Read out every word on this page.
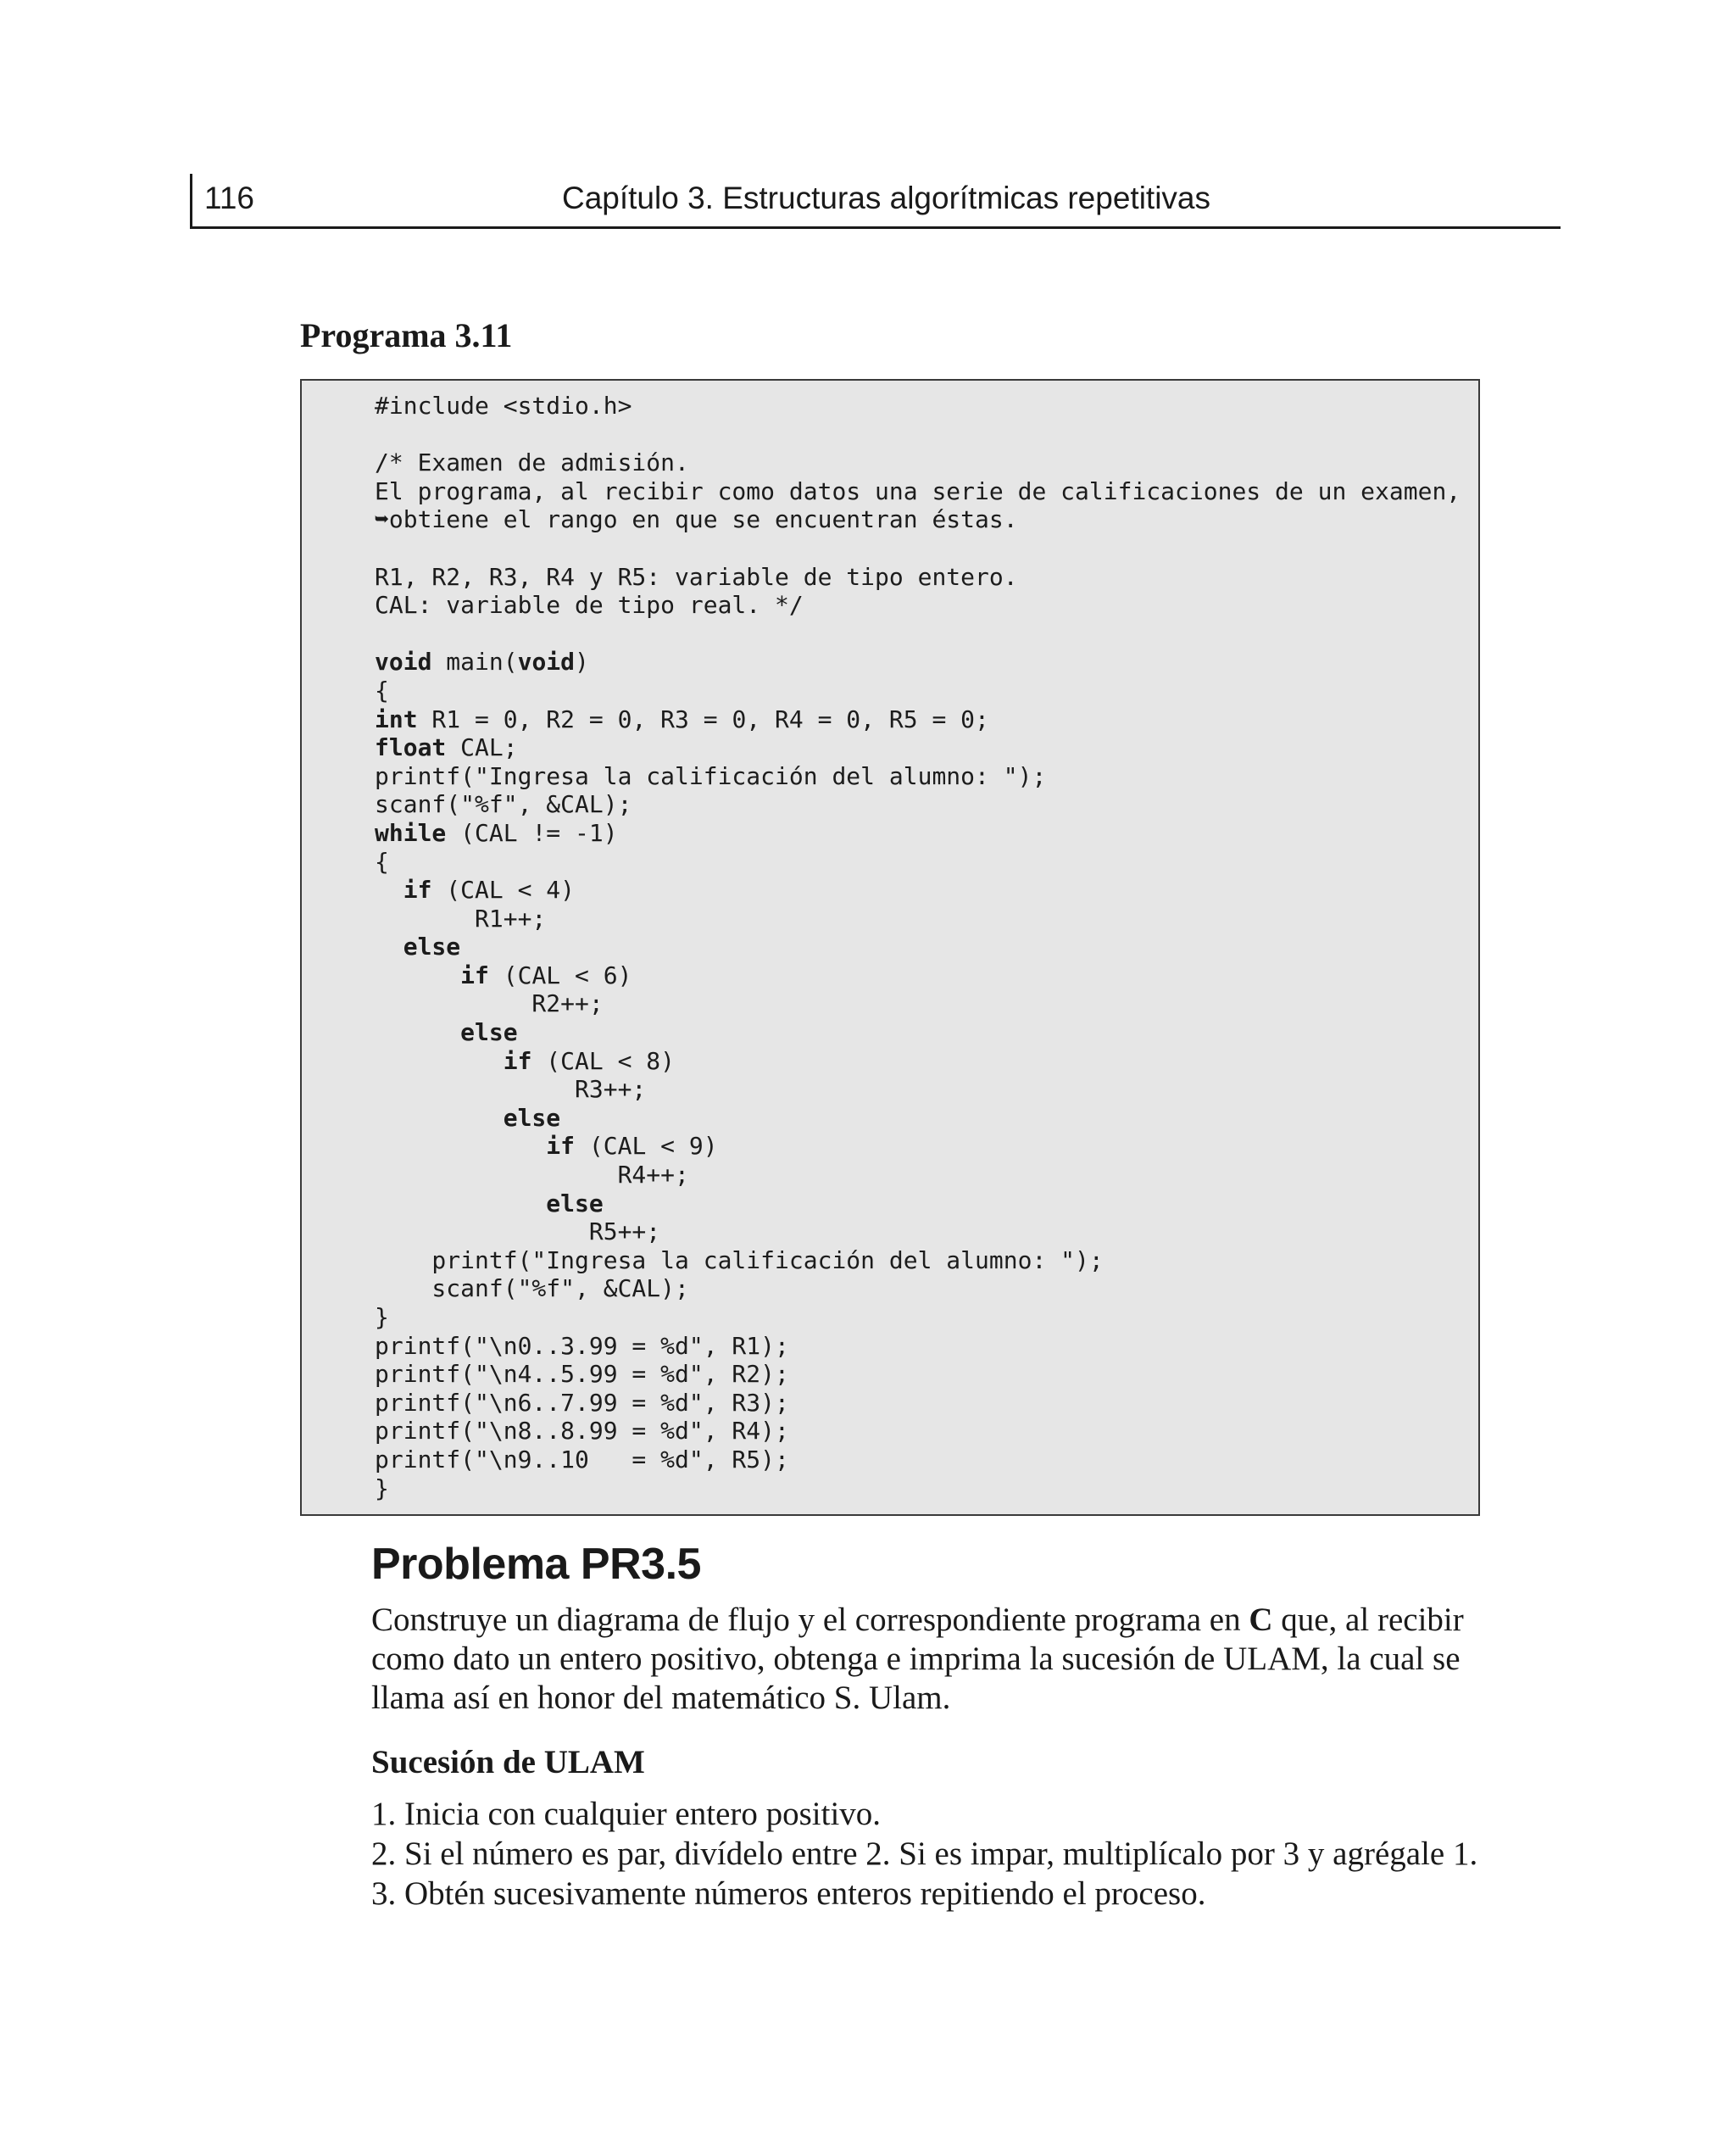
116	Capítulo 3. Estructuras algorítmicas repetitivas
Programa 3.11
#include <stdio.h>
/* Examen de admisión.
El programa, al recibir como datos una serie de calificaciones de un examen,
➥obtiene el rango en que se encuentran éstas.
R1, R2, R3, R4 y R5: variable de tipo entero.
CAL: variable de tipo real. */
void main(void)
{
int R1 = 0, R2 = 0, R3 = 0, R4 = 0, R5 = 0;
float CAL;
printf("Ingresa la calificación del alumno: ");
scanf("%f", &CAL);
while (CAL != -1)
{
if (CAL < 4)
R1++;
else
if (CAL < 6)
R2++;
else
if (CAL < 8)
R3++;
else
if (CAL < 9)
R4++;
else
R5++;
printf("Ingresa la calificación del alumno: ");
scanf("%f", &CAL);
}
printf("\n0..3.99 = %d", R1);
printf("\n4..5.99 = %d", R2);
printf("\n6..7.99 = %d", R3);
printf("\n8..8.99 = %d", R4);
printf("\n9..10   = %d", R5);
}
Problema PR3.5
Construye un diagrama de flujo y el correspondiente programa en C que, al recibir como dato un entero positivo, obtenga e imprima la sucesión de ULAM, la cual se llama así en honor del matemático S. Ulam.
Sucesión de ULAM
1. Inicia con cualquier entero positivo.
2. Si el número es par, divídelo entre 2. Si es impar, multiplícalo por 3 y agrégale 1.
3. Obtén sucesivamente números enteros repitiendo el proceso.
